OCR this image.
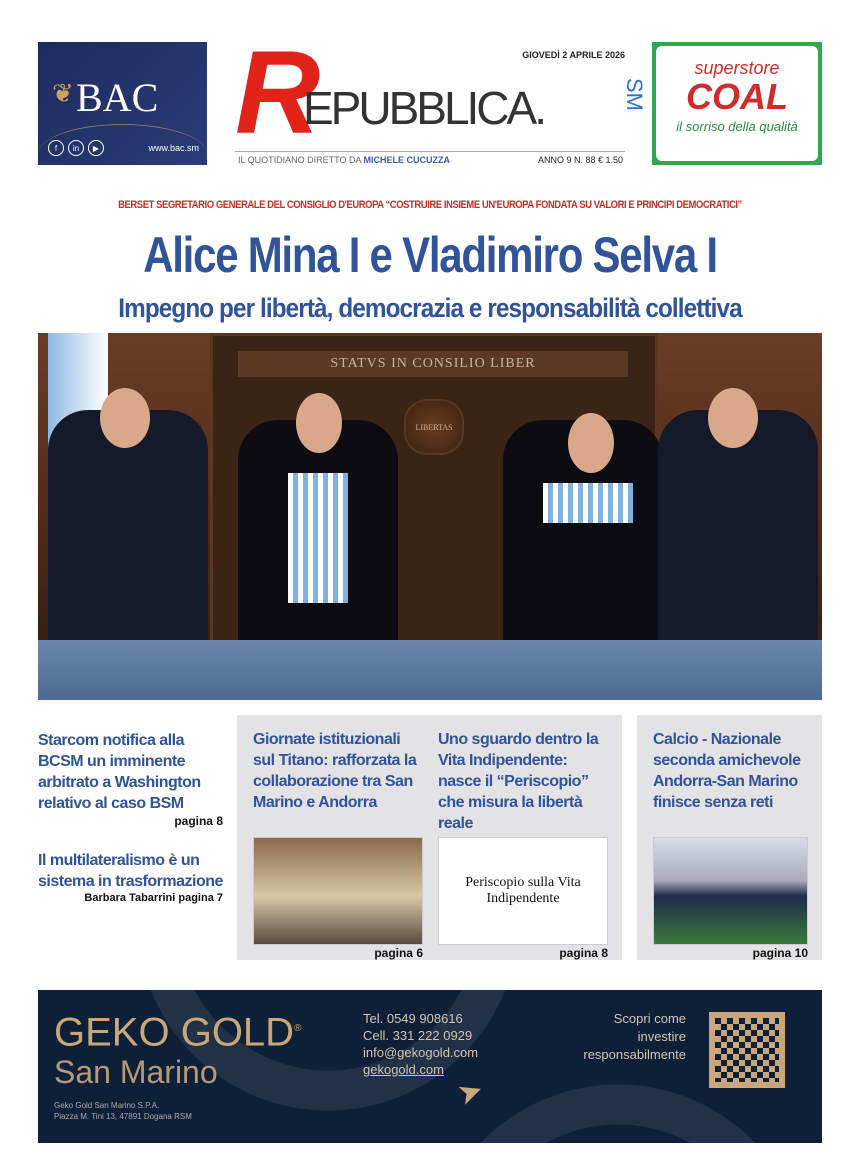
❦ BAC
f	in	▶	www.bac.sm R
EPUBBLICA.	SM
GIOVEDÌ 2 APRILE 2026
IL QUOTIDIANO DIRETTO DA MICHELE CUCUZZA	ANNO 9 N. 88 € 1.50
superstore
COAL
il sorriso della qualità
BERSET SEGRETARIO GENERALE DEL CONSIGLIO D'EUROPA “COSTRUIRE INSIEME UN'EUROPA FONDATA SU VALORI E PRINCIPI DEMOCRATICI”
Alice Mina I e Vladimiro Selva I
Impegno per libertà, democrazia e responsabilità collettiva
STATVS IN CONSILIO LIBER
LIBERTAS
Starcom notifica alla BCSM un imminente arbitrato a Washington relativo al caso BSM
pagina 8
Il multilateralismo è un sistema in trasformazione
Barbara Tabarrini pagina 7
Giornate istituzionali sul Titano: rafforzata la collaborazione tra San Marino e Andorra
pagina 6
Uno sguardo dentro la Vita Indipendente: nasce il “Periscopio” che misura la libertà reale
Periscopio sulla Vita Indipendente
pagina 8
Calcio - Nazionale seconda amichevole Andorra-San Marino finisce senza reti
pagina 10
GEKO GOLD®
San Marino
Geko Gold San Marino S.P.A.
Piazza M. Tini 13, 47891 Dogana RSM
Tel. 0549 908616
Cell. 331 222 0929
info@gekogold.com
gekogold.com
➤
Scopri come
investire
responsabilmente
